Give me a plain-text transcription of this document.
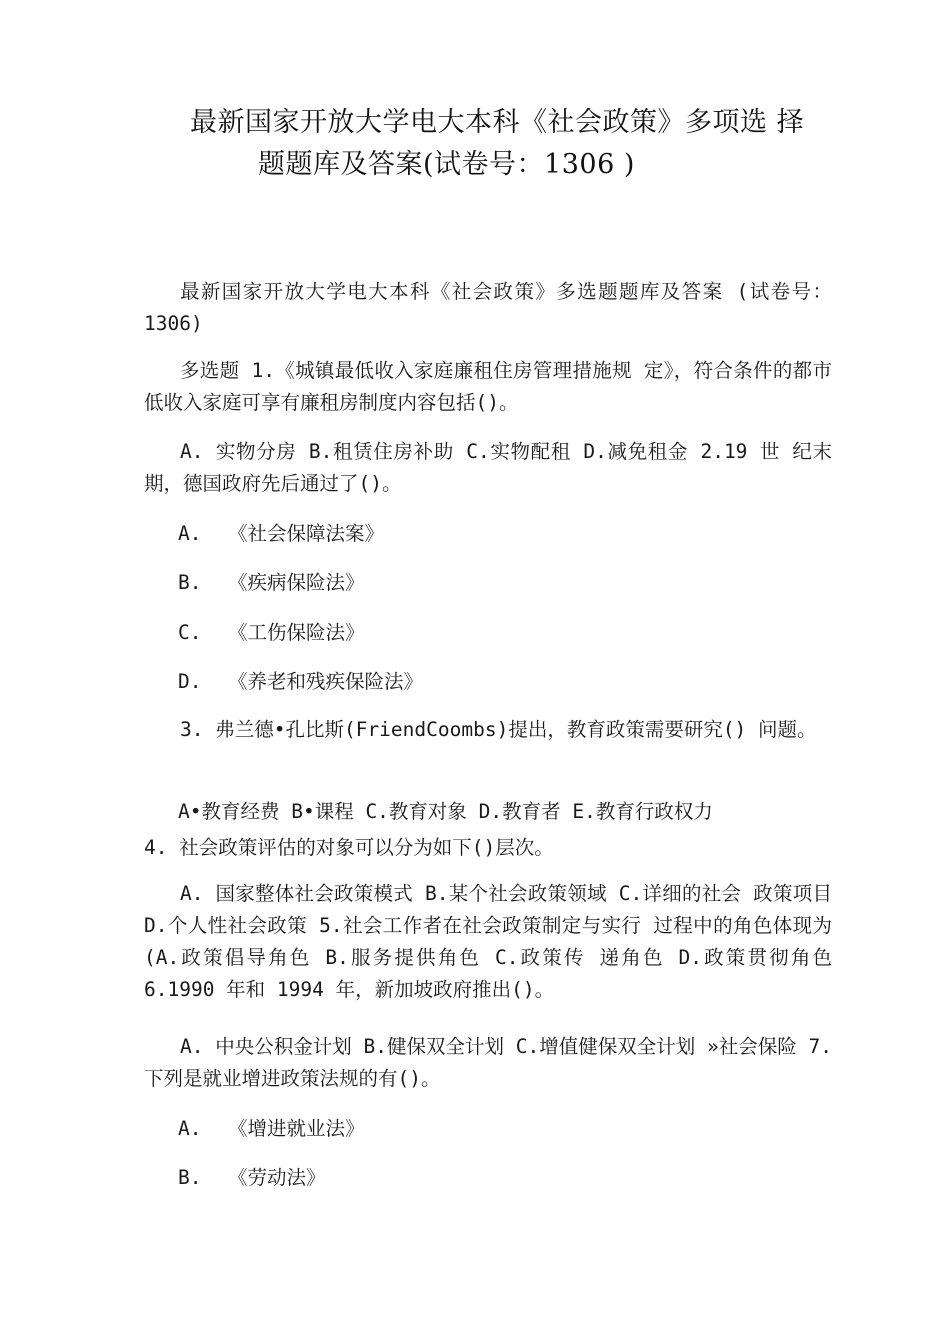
最新国家开放大学电大本科《社会政策》多项选 择
题题库及答案(试卷号：1306 )
最新国家开放大学电大本科《社会政策》多选题题库及答案 (试卷号：1306)
多选题 1.《城镇最低收入家庭廉租住房管理措施规 定》，符合条件的都市低收入家庭可享有廉租房制度内容包括()。
A. 实物分房 B.租赁住房补助 C.实物配租 D.减免租金 2.19 世 纪末期，德国政府先后通过了()。
A. 《社会保障法案》
B. 《疾病保险法》
C. 《工伤保险法》
D. 《养老和残疾保险法》
3. 弗兰德•孔比斯(FriendCoombs)提出，教育政策需要研究() 问题。
A•教育经费 B•课程 C.教育对象 D.教育者 E.教育行政权力
4. 社会政策评估的对象可以分为如下()层次。
A. 国家整体社会政策模式 B.某个社会政策领域 C.详细的社会 政策项目 D.个人性社会政策 5.社会工作者在社会政策制定与实行 过程中的角色体现为(A.政策倡导角色 B.服务提供角色 C.政策传 递角色 D.政策贯彻角色 6.1990 年和 1994 年，新加坡政府推出()。
A. 中央公积金计划 B.健保双全计划 C.增值健保双全计划 »社会保险 7.下列是就业增进政策法规的有()。
A. 《增进就业法》
B. 《劳动法》
